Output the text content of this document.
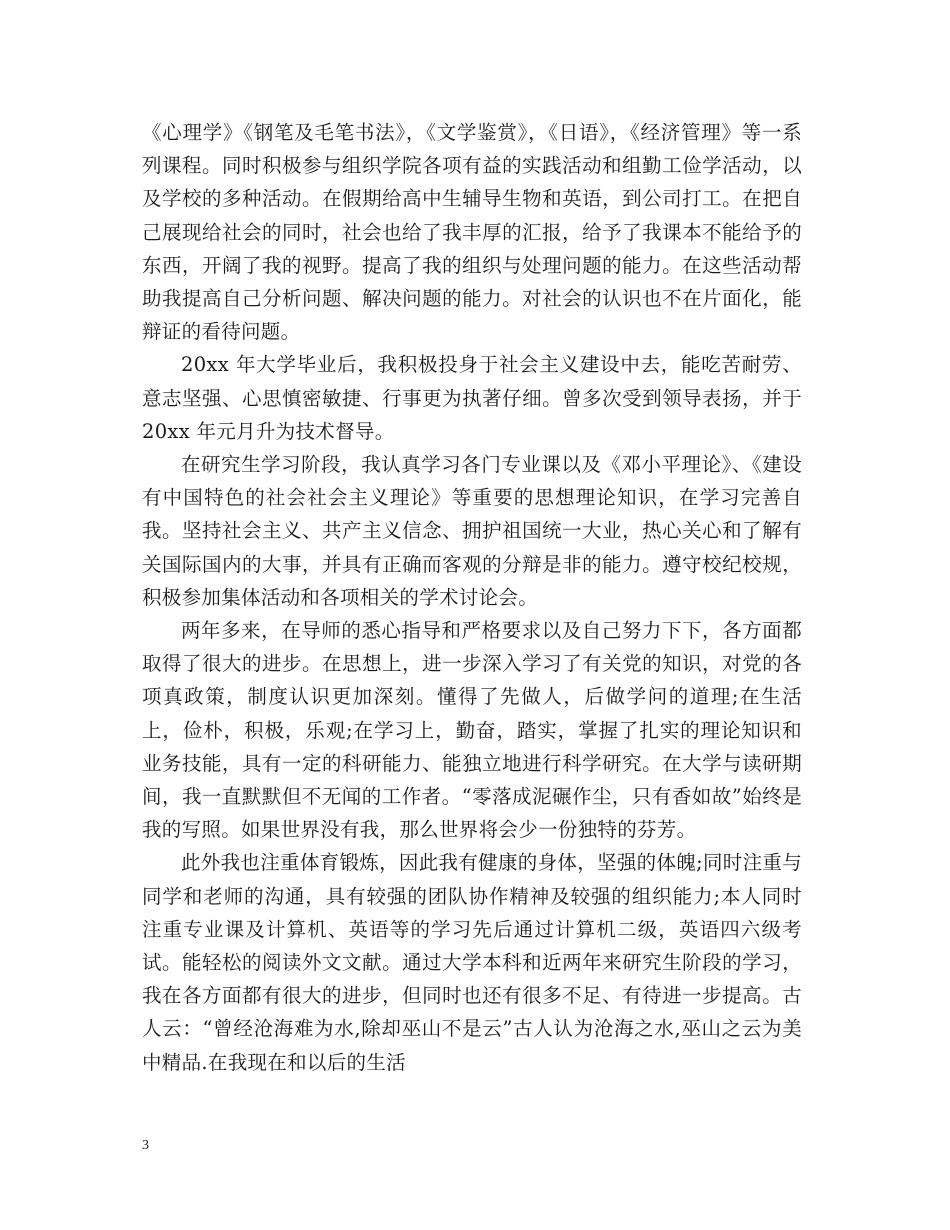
《心理学》《钢笔及毛笔书法》，《文学鉴赏》，《日语》，《经济管理》等一系列课程。同时积极参与组织学院各项有益的实践活动和组勤工俭学活动，以及学校的多种活动。在假期给高中生辅导生物和英语，到公司打工。在把自己展现给社会的同时，社会也给了我丰厚的汇报，给予了我课本不能给予的东西，开阔了我的视野。提高了我的组织与处理问题的能力。在这些活动帮助我提高自己分析问题、解决问题的能力。对社会的认识也不在片面化，能辩证的看待问题。

20xx 年大学毕业后，我积极投身于社会主义建设中去，能吃苦耐劳、意志坚强、心思慎密敏捷、行事更为执著仔细。曾多次受到领导表扬，并于 20xx 年元月升为技术督导。

在研究生学习阶段，我认真学习各门专业课以及《邓小平理论》、《建设有中国特色的社会社会主义理论》等重要的思想理论知识，在学习完善自我。坚持社会主义、共产主义信念、拥护祖国统一大业，热心关心和了解有关国际国内的大事，并具有正确而客观的分辩是非的能力。遵守校纪校规，积极参加集体活动和各项相关的学术讨论会。

两年多来，在导师的悉心指导和严格要求以及自己努力下下，各方面都取得了很大的进步。在思想上，进一步深入学习了有关党的知识，对党的各项真政策，制度认识更加深刻。懂得了先做人，后做学问的道理;在生活上，俭朴，积极，乐观;在学习上，勤奋，踏实，掌握了扎实的理论知识和业务技能，具有一定的科研能力、能独立地进行科学研究。在大学与读研期间，我一直默默但不无闻的工作者。“零落成泥碾作尘，只有香如故”始终是我的写照。如果世界没有我，那么世界将会少一份独特的芬芳。

此外我也注重体育锻炼，因此我有健康的身体，坚强的体魄;同时注重与同学和老师的沟通，具有较强的团队协作精神及较强的组织能力;本人同时注重专业课及计算机、英语等的学习先后通过计算机二级，英语四六级考试。能轻松的阅读外文文献。通过大学本科和近两年来研究生阶段的学习，我在各方面都有很大的进步，但同时也还有很多不足、有待进一步提高。古人云：“曾经沧海难为水,除却巫山不是云”古人认为沧海之水,巫山之云为美中精品.在我现在和以后的生活

3
